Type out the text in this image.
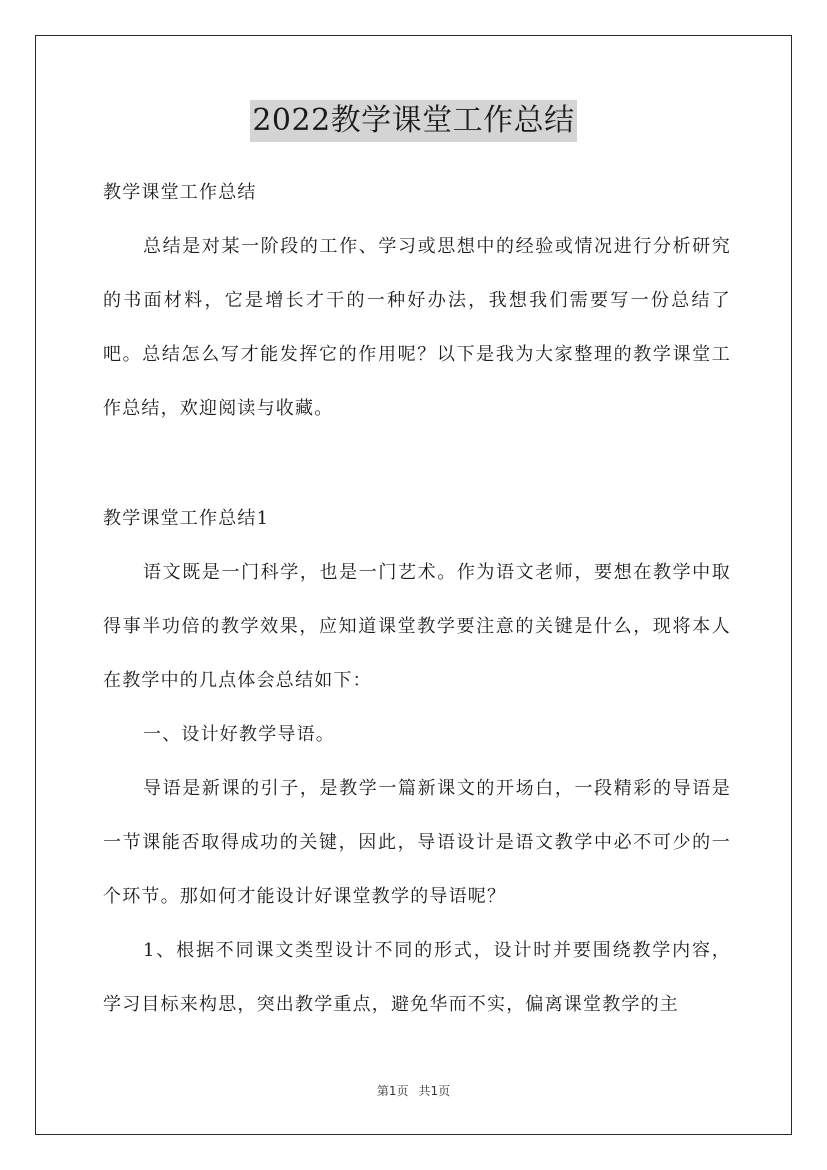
2022教学课堂工作总结

教学课堂工作总结

总结是对某一阶段的工作、学习或思想中的经验或情况进行分析研究的书面材料，它是增长才干的一种好办法，我想我们需要写一份总结了吧。总结怎么写才能发挥它的作用呢？以下是我为大家整理的教学课堂工作总结，欢迎阅读与收藏。

教学课堂工作总结1

语文既是一门科学，也是一门艺术。作为语文老师，要想在教学中取得事半功倍的教学效果，应知道课堂教学要注意的关键是什么，现将本人在教学中的几点体会总结如下：

一、设计好教学导语。

导语是新课的引子，是教学一篇新课文的开场白，一段精彩的导语是一节课能否取得成功的关键，因此，导语设计是语文教学中必不可少的一个环节。那如何才能设计好课堂教学的导语呢？

1、根据不同课文类型设计不同的形式，设计时并要围绕教学内容，学习目标来构思，突出教学重点，避免华而不实，偏离课堂教学的主

第1页 共1页
